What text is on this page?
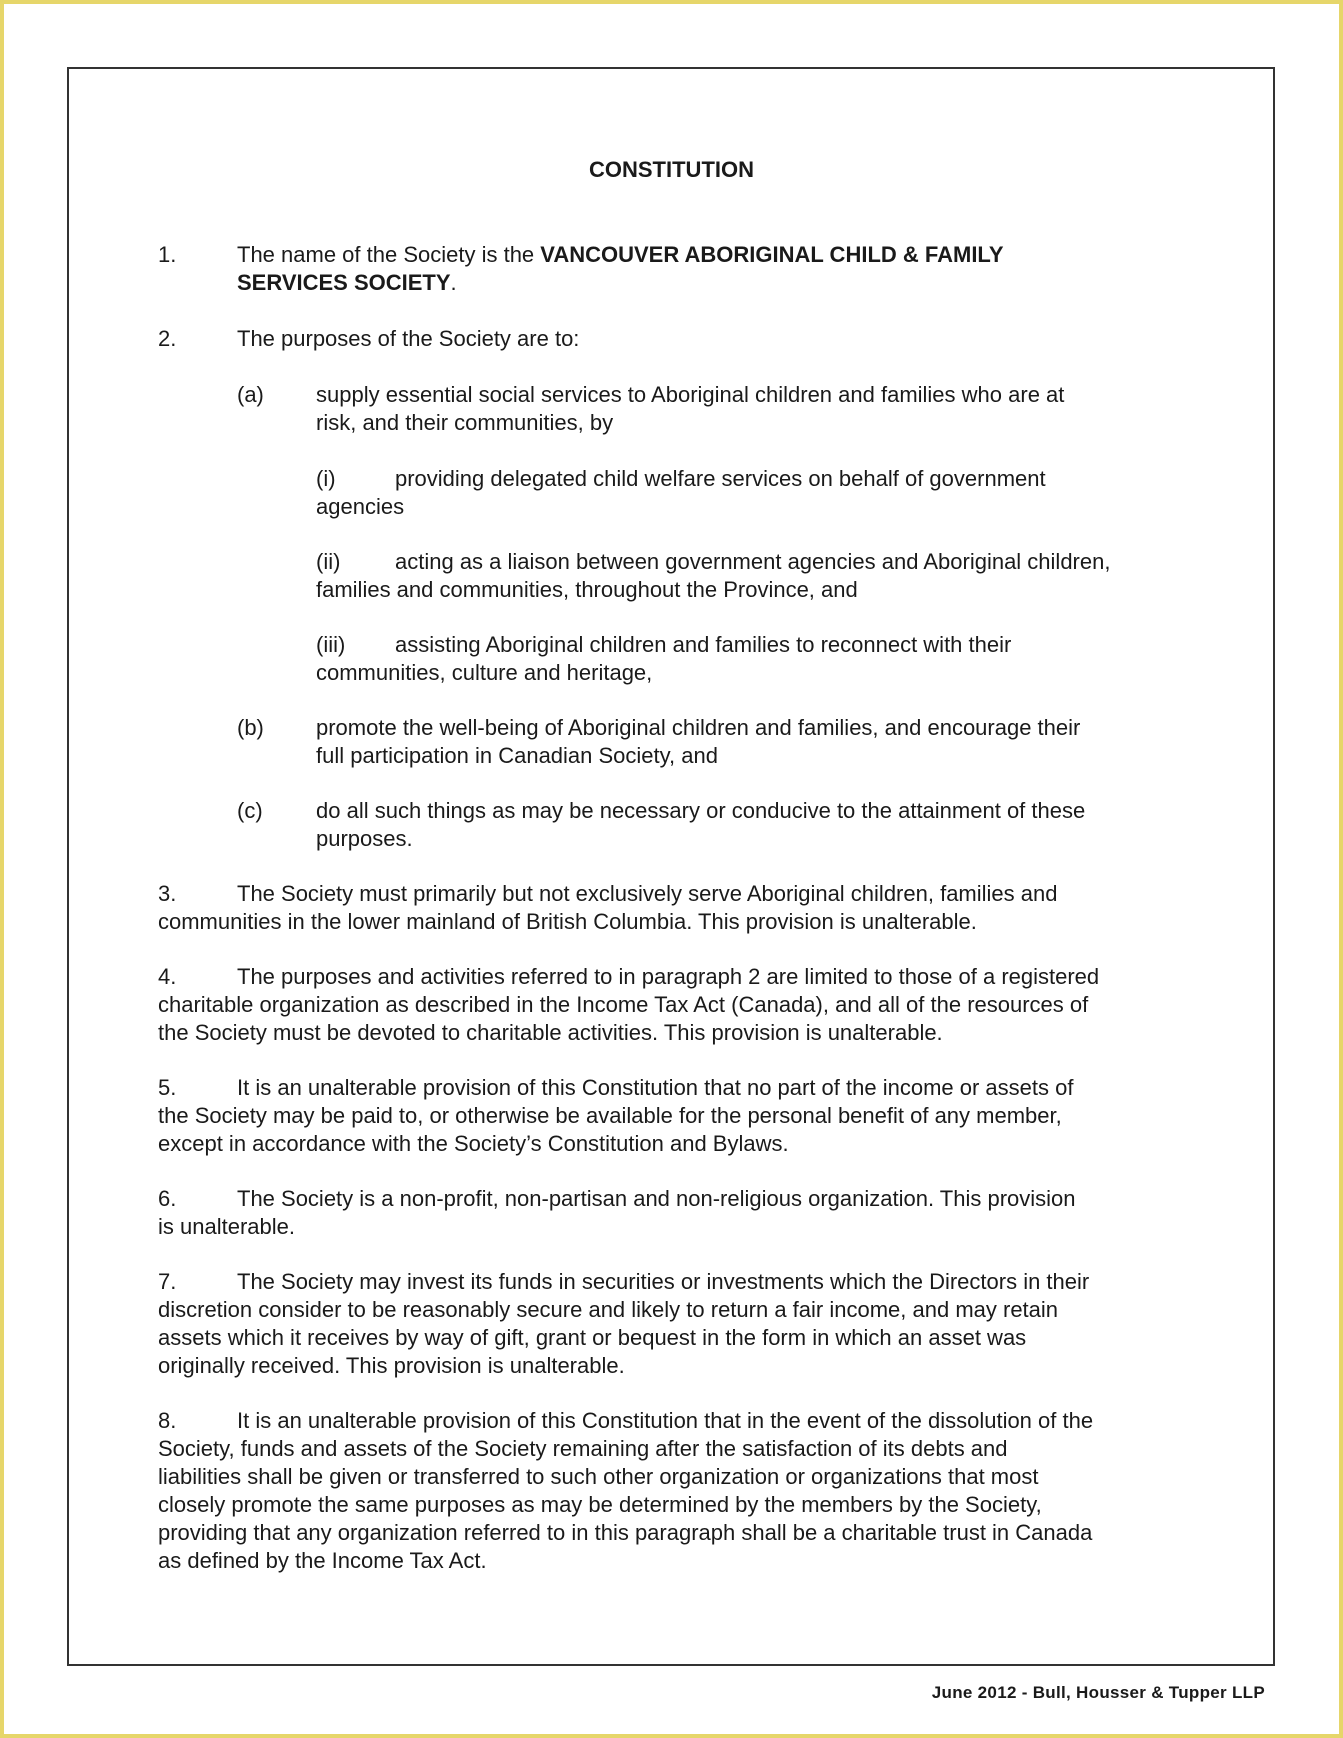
CONSTITUTION
1.	The name of the Society is the VANCOUVER ABORIGINAL CHILD & FAMILY
SERVICES SOCIETY.
2.	The purposes of the Society are to:
(a) supply essential social services to Aboriginal children and families who are at
risk, and their communities, by
(i)	providing delegated child welfare services on behalf of government
agencies
(ii) acting as a liaison between government agencies and Aboriginal children,
families and communities, throughout the Province, and
(iii) assisting Aboriginal children and families to reconnect with their
communities, culture and heritage,
(b) promote the well-being of Aboriginal children and families, and encourage their
full participation in Canadian Society, and
(c) do all such things as may be necessary or conducive to the attainment of these
purposes.
3.	The Society must primarily but not exclusively serve Aboriginal children, families and
communities in the lower mainland of British Columbia. This provision is unalterable.
4.	The purposes and activities referred to in paragraph 2 are limited to those of a registered
charitable organization as described in the Income Tax Act (Canada), and all of the resources of
the Society must be devoted to charitable activities. This provision is unalterable.
5.	It is an unalterable provision of this Constitution that no part of the income or assets of
the Society may be paid to, or otherwise be available for the personal benefit of any member,
except in accordance with the Society’s Constitution and Bylaws.
6.	The Society is a non-profit, non-partisan and non-religious organization. This provision
is unalterable.
7.	The Society may invest its funds in securities or investments which the Directors in their
discretion consider to be reasonably secure and likely to return a fair income, and may retain
assets which it receives by way of gift, grant or bequest in the form in which an asset was
originally received. This provision is unalterable.
8.	It is an unalterable provision of this Constitution that in the event of the dissolution of the
Society, funds and assets of the Society remaining after the satisfaction of its debts and
liabilities shall be given or transferred to such other organization or organizations that most
closely promote the same purposes as may be determined by the members by the Society,
providing that any organization referred to in this paragraph shall be a charitable trust in Canada
as defined by the Income Tax Act.
June 2012 - Bull, Housser & Tupper LLP
